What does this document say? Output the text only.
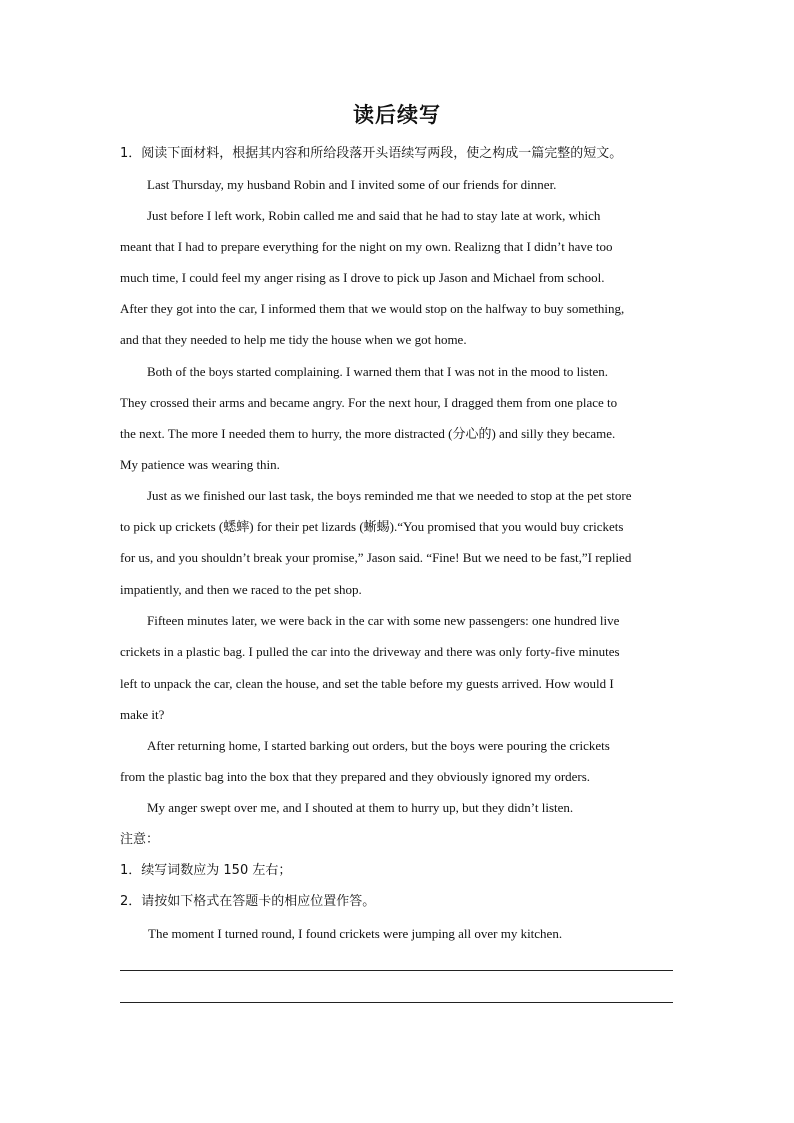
读后续写
1．阅读下面材料，根据其内容和所给段落开头语续写两段，使之构成一篇完整的短文。
Last Thursday, my husband Robin and I invited some of our friends for dinner.
Just before I left work, Robin called me and said that he had to stay late at work, which
meant that I had to prepare everything for the night on my own. Realizng that I didn’t have too
much time, I could feel my anger rising as I drove to pick up Jason and Michael from school.
After they got into the car, I informed them that we would stop on the halfway to buy something,
and that they needed to help me tidy the house when we got home.
Both of the boys started complaining. I warned them that I was not in the mood to listen.
They crossed their arms and became angry. For the next hour, I dragged them from one place to
the next. The more I needed them to hurry, the more distracted (分心的) and silly they became.
My patience was wearing thin.
Just as we finished our last task, the boys reminded me that we needed to stop at the pet store
to pick up crickets (蟋蟀) for their pet lizards (蜥蜴).“You promised that you would buy crickets
for us, and you shouldn’t break your promise,” Jason said. “Fine! But we need to be fast,”I replied
impatiently, and then we raced to the pet shop.
Fifteen minutes later, we were back in the car with some new passengers: one hundred live
crickets in a plastic bag. I pulled the car into the driveway and there was only forty-five minutes
left to unpack the car, clean the house, and set the table before my guests arrived. How would I
make it?
After returning home, I started barking out orders, but the boys were pouring the crickets
from the plastic bag into the box that they prepared and they obviously ignored my orders.
My anger swept over me, and I shouted at them to hurry up, but they didn’t listen.
注意：
1．续写词数应为 150 左右；
2．请按如下格式在答题卡的相应位置作答。
The moment I turned round, I found crickets were jumping all over my kitchen.
